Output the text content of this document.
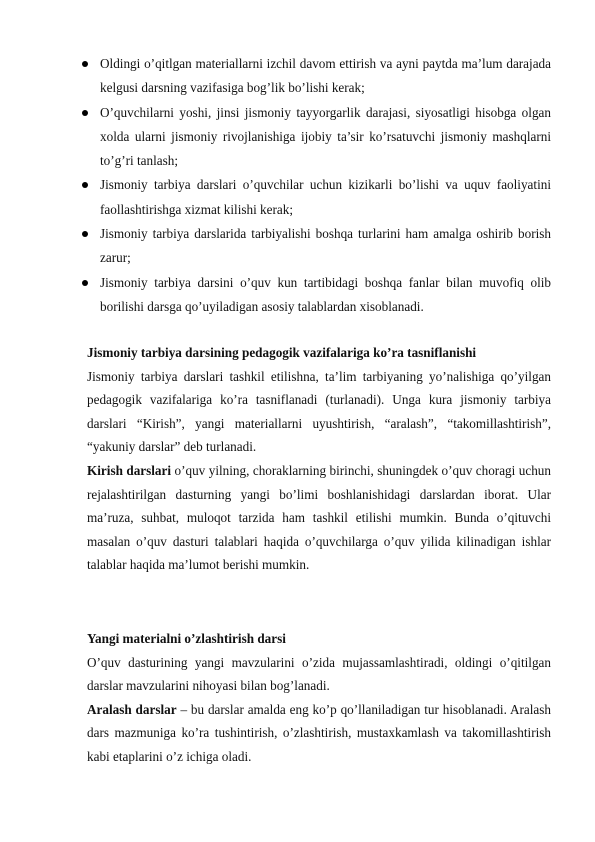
Oldingi o’qitlgan materiallarni izchil davom ettirish va ayni paytda ma’lum darajada kelgusi darsning vazifasiga bog’lik bo’lishi kerak;
O’quvchilarni yoshi, jinsi jismoniy tayyorgarlik darajasi, siyosatligi hisobga olgan xolda ularni jismoniy rivojlanishiga ijobiy ta’sir ko’rsatuvchi jismoniy mashqlarni to’g’ri tanlash;
Jismoniy tarbiya darslari o’quvchilar uchun kizikarli bo’lishi va uquv faoliyatini faollashtirishga xizmat kilishi kerak;
Jismoniy tarbiya darslarida tarbiyalishi boshqa turlarini ham amalga oshirib borish zarur;
Jismoniy tarbiya darsini o’quv kun tartibidagi boshqa fanlar bilan muvofiq olib borilishi darsga qo’uyiladigan asosiy talablardan xisoblanadi.
Jismoniy tarbiya darsining pedagogik vazifalariga ko’ra tasniflanishi

Jismoniy tarbiya darslari tashkil etilishna, ta’lim tarbiyaning yo’nalishiga qo’yilgan pedagogik vazifalariga ko’ra tasniflanadi (turlanadi). Unga kura jismoniy tarbiya darslari “Kirish”, yangi materiallarni uyushtirish, “aralash”, “takomillashtirish”, “yakuniy darslar” deb turlanadi.

Kirish darslari o’quv yilning, choraklarning birinchi, shuningdek o’quv choragi uchun rejalashtirilgan dasturning yangi bo’limi boshlanishidagi darslardan iborat. Ular ma’ruza, suhbat, muloqot tarzida ham tashkil etilishi mumkin. Bunda o’qituvchi masalan o’quv dasturi talablari haqida o’quvchilarga o’quv yilida kilinadigan ishlar talablar haqida ma’lumot berishi mumkin.

Yangi materialni o’zlashtirish darsi

O’quv dasturining yangi mavzularini o’zida mujassamlashtiradi, oldingi o’qitilgan darslar mavzularini nihoyasi bilan bog’lanadi.

Aralash darslar – bu darslar amalda eng ko’p qo’llaniladigan tur hisoblanadi. Aralash dars mazmuniga ko’ra tushintirish, o’zlashtirish, mustaxkamlash va takomillashtirish kabi etaplarini o’z ichiga oladi.
